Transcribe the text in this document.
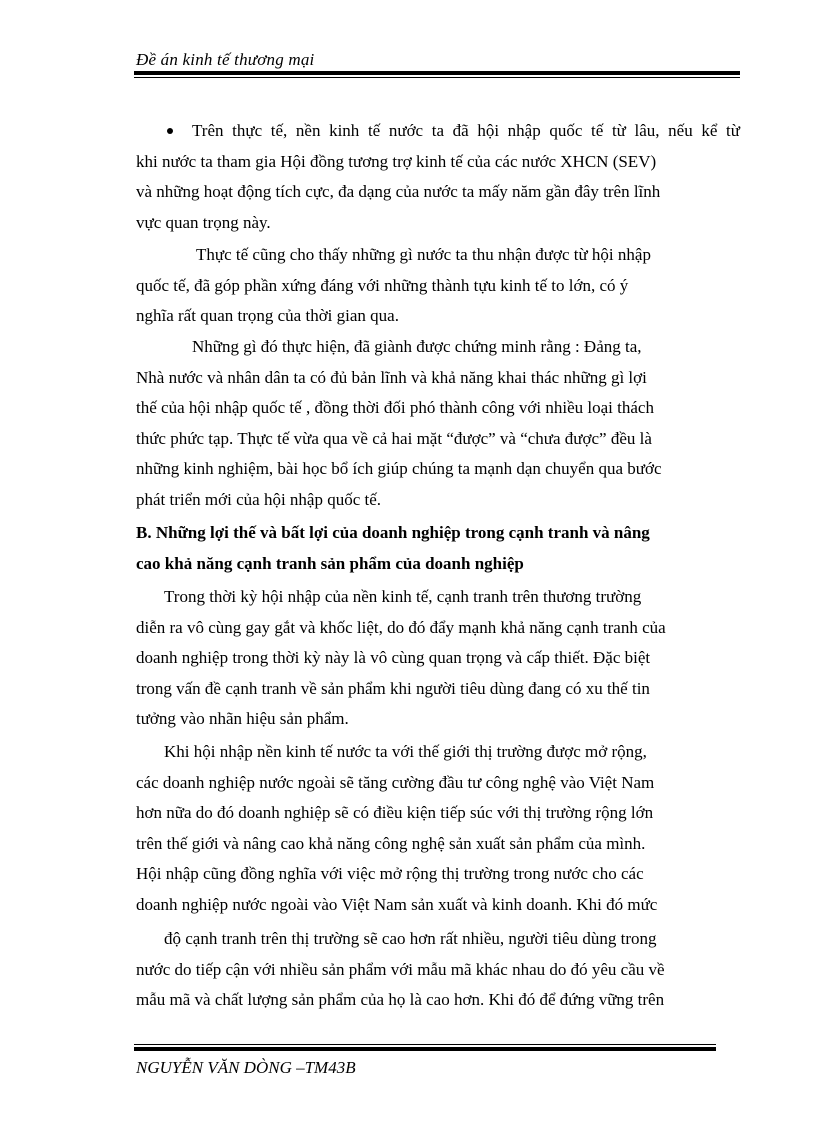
Đề án kinh tế thương mại
Trên thực tế, nền kinh tế nước ta đã hội nhập quốc tế từ lâu, nếu kể từ
khi nước ta tham gia Hội đồng tương trợ kinh tế của các nước XHCN (SEV)
và những hoạt động tích cực, đa dạng của nước ta mấy năm gần đây trên lĩnh
vực quan trọng này.
Thực tế cũng cho thấy những gì nước ta thu nhận được từ hội nhập
quốc tế, đã góp phần xứng đáng với những thành tựu kinh tế to lớn, có ý
nghĩa rất quan trọng của thời gian qua.
Những gì đó thực hiện, đã giành được chứng minh rằng : Đảng ta,
Nhà nước và nhân dân ta có đủ bản lĩnh và khả năng khai thác những gì lợi
thế của hội nhập quốc tế , đồng thời đối phó thành công với nhiều loại thách
thức phức tạp. Thực tế vừa qua về cả hai mặt “được” và “chưa được” đều là
những kinh nghiệm, bài học bổ ích giúp chúng ta mạnh dạn chuyển qua bước
phát triển mới của hội nhập quốc tế.
B. Những lợi thế và bất lợi của doanh nghiệp trong cạnh tranh và nâng
cao khả năng cạnh tranh sản phẩm của doanh nghiệp
Trong thời kỳ hội nhập của nền kinh tế, cạnh tranh trên thương trường
diễn ra vô cùng gay gắt và khốc liệt, do đó đẩy mạnh khả năng cạnh tranh của
doanh nghiệp trong thời kỳ này là vô cùng quan trọng và cấp thiết. Đặc biệt
trong vấn đề cạnh tranh về sản phẩm khi người tiêu dùng đang có xu thế tin
tưởng vào nhãn hiệu sản phẩm.
Khi hội nhập nền kinh tế nước ta với thế giới thị trường được mở rộng,
các doanh nghiệp nước ngoài sẽ tăng cường đầu tư công nghệ vào Việt Nam
hơn nữa do đó doanh nghiệp sẽ có điều kiện tiếp súc với thị trường rộng lớn
trên thế giới và nâng cao khả năng công nghệ sản xuất sản phẩm của mình.
Hội nhập cũng đồng nghĩa với việc mở rộng thị trường trong nước cho các
doanh nghiệp nước ngoài vào Việt Nam sản xuất và kinh doanh. Khi đó mức
độ cạnh tranh trên thị trường sẽ cao hơn rất nhiều, người tiêu dùng trong
nước do tiếp cận với nhiều sản phẩm với mẫu mã khác nhau do đó yêu cầu về
mẫu mã và chất lượng sản phẩm của họ là cao hơn. Khi đó để đứng vững trên
NGUYỄN VĂN DÒNG –TM43B
